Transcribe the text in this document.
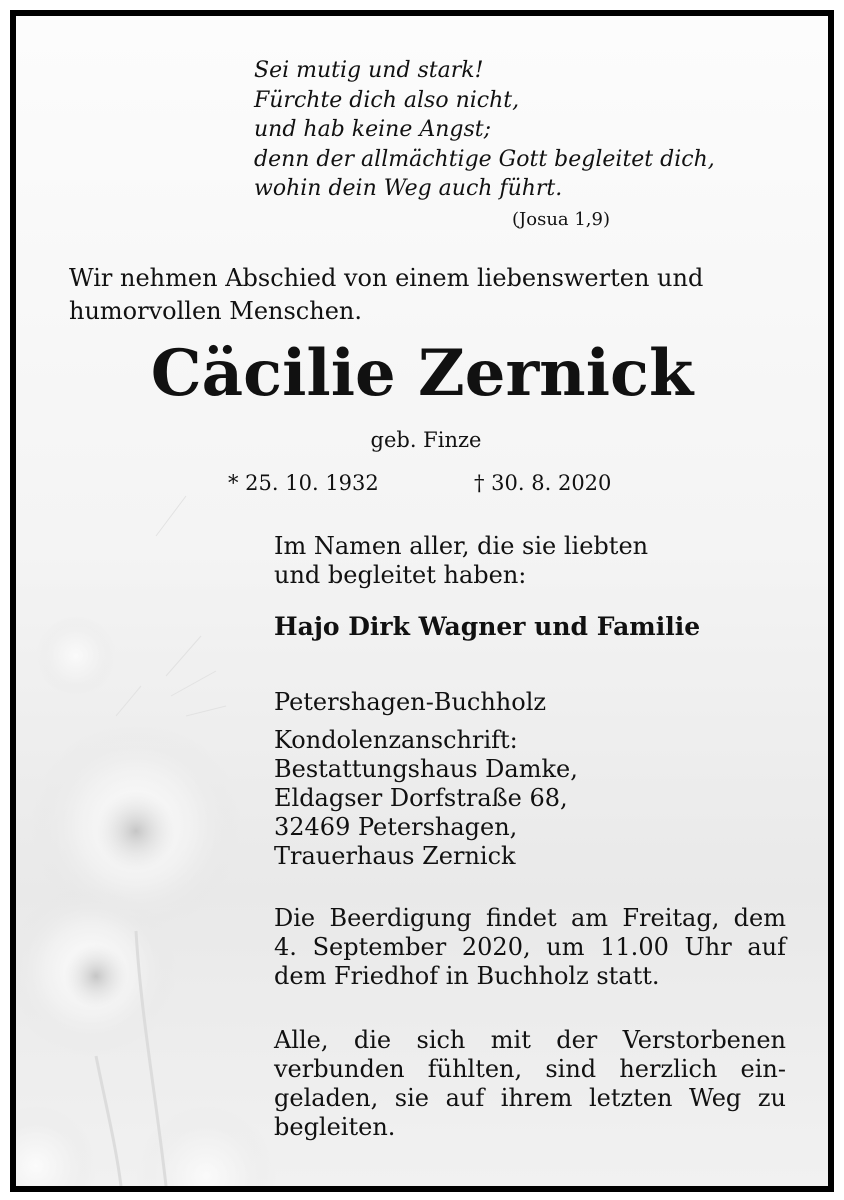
Sei mutig und stark!
Fürchte dich also nicht,
und hab keine Angst;
denn der allmächtige Gott begleitet dich,
wohin dein Weg auch führt.
(Josua 1,9)

Wir nehmen Abschied von einem liebenswerten und humorvollen Menschen.

Cäcilie Zernick
geb. Finze
* 25. 10. 1932	† 30. 8. 2020
Im Namen aller, die sie liebten
und begleitet haben:
Hajo Dirk Wagner und Familie
Petershagen-Buchholz
Kondolenzanschrift:
Bestattungshaus Damke,
Eldagser Dorfstraße 68,
32469 Petershagen,
Trauerhaus Zernick
Die Beerdigung findet am Freitag, dem
4. September 2020, um 11.00 Uhr auf
dem Friedhof in Buchholz statt.
Alle, die sich mit der Verstorbenen
verbunden fühlten, sind herzlich ein-
geladen, sie auf ihrem letzten Weg zu
begleiten.
